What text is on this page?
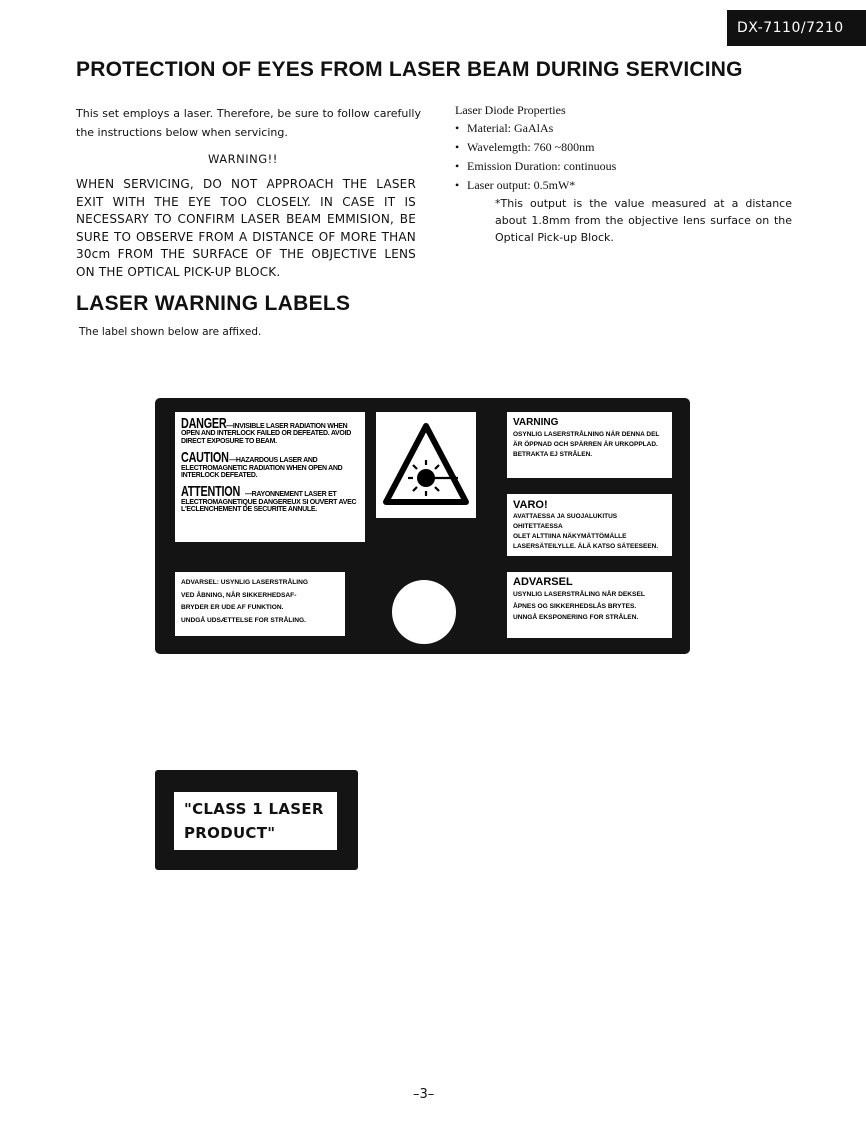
DX-7110/7210
PROTECTION OF EYES FROM LASER BEAM DURING SERVICING
This set employs a laser. Therefore, be sure to follow carefully the instructions below when servicing.
WARNING!!
WHEN SERVICING, DO NOT APPROACH THE LASER EXIT WITH THE EYE TOO CLOSELY. IN CASE IT IS NECESSARY TO CONFIRM LASER BEAM EMMISION, BE SURE TO OBSERVE FROM A DISTANCE OF MORE THAN 30cm FROM THE SURFACE OF THE OBJECTIVE LENS ON THE OPTICAL PICK-UP BLOCK.
Laser Diode Properties
• Material: GaAlAs
• Wavelemgth: 760 ~800nm
• Emission Duration: continuous
• Laser output: 0.5mW*
*This output is the value measured at a distance about 1.8mm from the objective lens surface on the Optical Pick-up Block.
LASER WARNING LABELS
The label shown below are affixed.
DANGER —INVISIBLE LASER RADIATION WHEN OPEN AND INTERLOCK FAILED OR DEFEATED. AVOID DIRECT EXPOSURE TO BEAM.
CAUTION —HAZARDOUS LASER AND ELECTROMAGNETIC RADIATION WHEN OPEN AND INTERLOCK DEFEATED.
ATTENTION —RAYONNEMENT LASER ET ELECTROMAGNETIQUE DANGEREUX SI OUVERT AVEC L'ECLENCHEMENT DE SECURITE ANNULE.
VARNING
OSYNLIG LASERSTRÅLNING NÄR DENNA DEL
ÄR ÖPPNAD OCH SPÄRREN ÄR URKOPPLAD.
BETRAKTA EJ STRÅLEN.
VARO!
AVATTAESSA JA SUOJALUKITUS OHITETTAESSA
OLET ALTTIINA NÄKYMÄTTÖMÄLLE
LASERSÄTEILYLLE. ÄLÄ KATSO SÄTEESEEN.
ADVARSEL: USYNLIG LASERSTRÅLING
VED ÅBNING, NÅR SIKKERHEDSAF-
BRYDER ER UDE AF FUNKTION.
UNDGÅ UDSÆTTELSE FOR STRÅLING.
ADVARSEL
USYNLIG LASERSTRÅLING NÅR DEKSEL
ÅPNES OG SIKKERHEDSLÅS BRYTES.
UNNGÅ EKSPONERING FOR STRÅLEN.
"CLASS 1 LASER
PRODUCT"
–3–
